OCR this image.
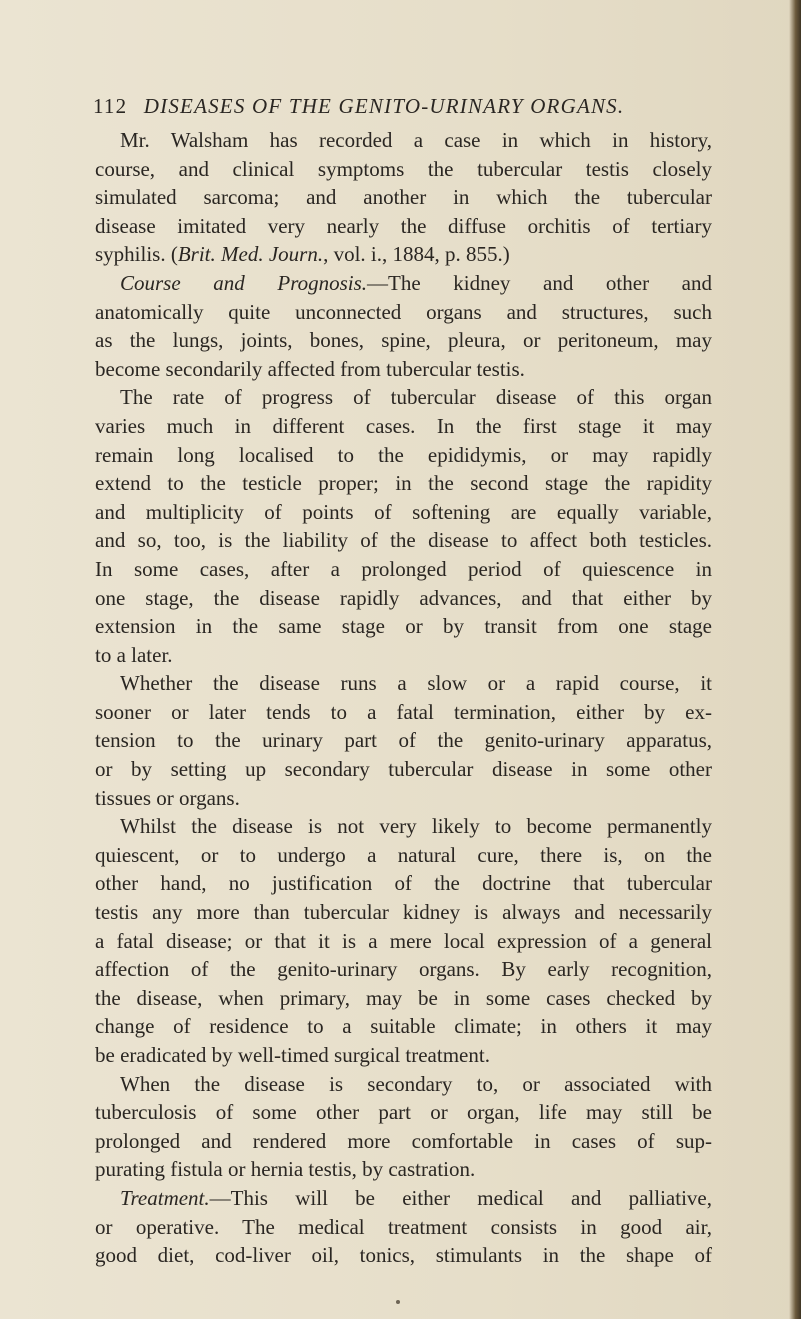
112 DISEASES OF THE GENITO-URINARY ORGANS.
Mr. Walsham has recorded a case in which in history,
course, and clinical symptoms the tubercular testis closely
simulated sarcoma; and another in which the tubercular
disease imitated very nearly the diffuse orchitis of tertiary
syphilis. (Brit. Med. Journ., vol. i., 1884, p. 855.)
Course and Prognosis.—The kidney and other and
anatomically quite unconnected organs and structures, such
as the lungs, joints, bones, spine, pleura, or peritoneum, may
become secondarily affected from tubercular testis.
The rate of progress of tubercular disease of this organ
varies much in different cases. In the first stage it may
remain long localised to the epididymis, or may rapidly
extend to the testicle proper; in the second stage the rapidity
and multiplicity of points of softening are equally variable,
and so, too, is the liability of the disease to affect both testicles.
In some cases, after a prolonged period of quiescence in
one stage, the disease rapidly advances, and that either by
extension in the same stage or by transit from one stage
to a later.
Whether the disease runs a slow or a rapid course, it
sooner or later tends to a fatal termination, either by ex-
tension to the urinary part of the genito-urinary apparatus,
or by setting up secondary tubercular disease in some other
tissues or organs.
Whilst the disease is not very likely to become permanently
quiescent, or to undergo a natural cure, there is, on the
other hand, no justification of the doctrine that tubercular
testis any more than tubercular kidney is always and necessarily
a fatal disease; or that it is a mere local expression of a general
affection of the genito-urinary organs. By early recognition,
the disease, when primary, may be in some cases checked by
change of residence to a suitable climate; in others it may
be eradicated by well-timed surgical treatment.
When the disease is secondary to, or associated with
tuberculosis of some other part or organ, life may still be
prolonged and rendered more comfortable in cases of sup-
purating fistula or hernia testis, by castration.
Treatment.—This will be either medical and palliative,
or operative. The medical treatment consists in good air,
good diet, cod-liver oil, tonics, stimulants in the shape of
